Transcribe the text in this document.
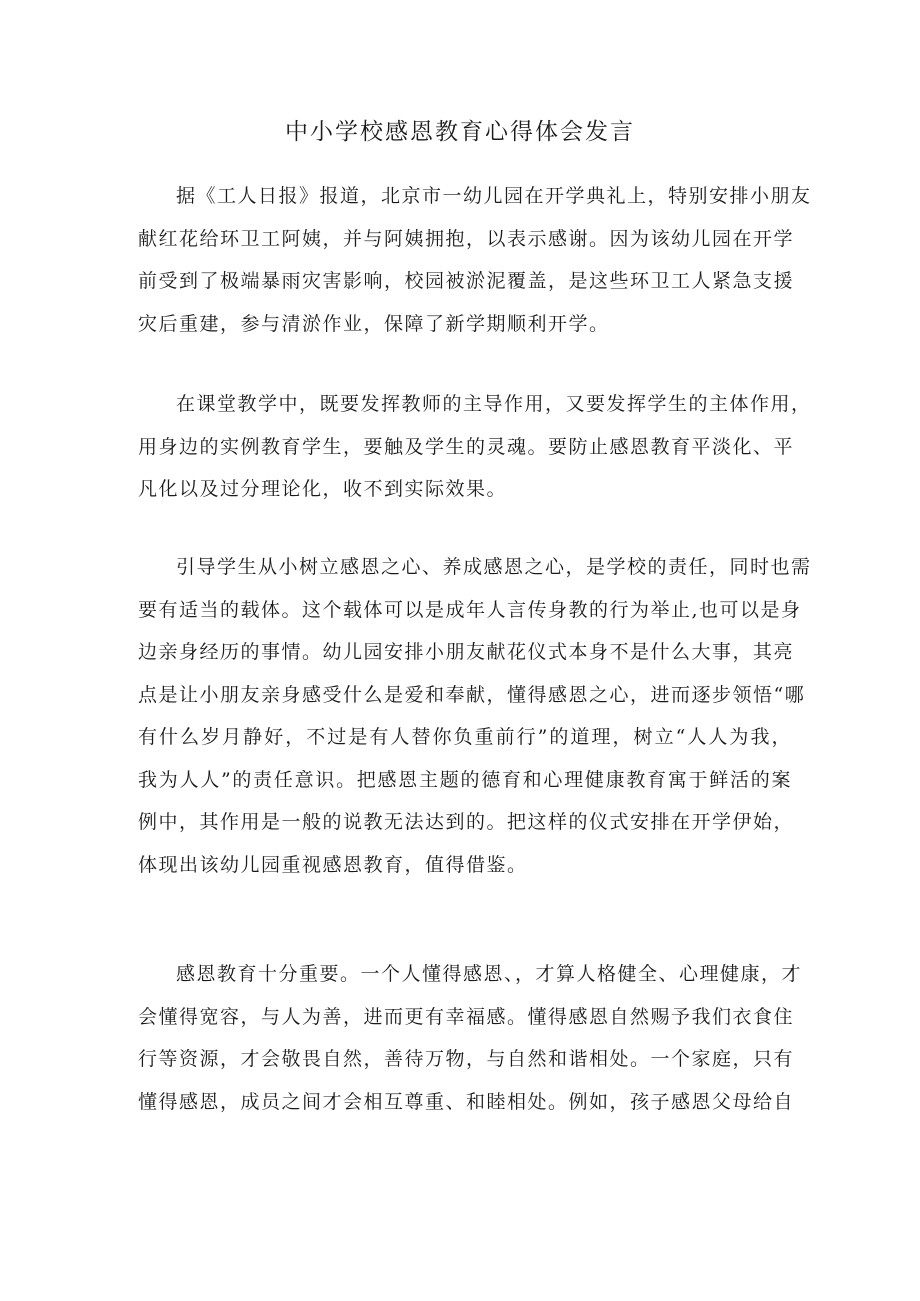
中小学校感恩教育心得体会发言
据《工人日报》报道，北京市一幼儿园在开学典礼上，特别安排小朋友
献红花给环卫工阿姨，并与阿姨拥抱，以表示感谢。因为该幼儿园在开学
前受到了极端暴雨灾害影响，校园被淤泥覆盖，是这些环卫工人紧急支援
灾后重建，参与清淤作业，保障了新学期顺利开学。
在课堂教学中，既要发挥教师的主导作用，又要发挥学生的主体作用，
用身边的实例教育学生，要触及学生的灵魂。要防止感恩教育平淡化、平
凡化以及过分理论化，收不到实际效果。
引导学生从小树立感恩之心、养成感恩之心，是学校的责任，同时也需
要有适当的载体。这个载体可以是成年人言传身教的行为举止,也可以是身
边亲身经历的事情。幼儿园安排小朋友献花仪式本身不是什么大事，其亮
点是让小朋友亲身感受什么是爱和奉献，懂得感恩之心，进而逐步领悟“哪
有什么岁月静好，不过是有人替你负重前行”的道理，树立“人人为我，
我为人人”的责任意识。把感恩主题的德育和心理健康教育寓于鲜活的案
例中，其作用是一般的说教无法达到的。把这样的仪式安排在开学伊始，
体现出该幼儿园重视感恩教育，值得借鉴。
感恩教育十分重要。一个人懂得感恩、，才算人格健全、心理健康，才
会懂得宽容，与人为善，进而更有幸福感。懂得感恩自然赐予我们衣食住
行等资源，才会敬畏自然，善待万物，与自然和谐相处。一个家庭，只有
懂得感恩，成员之间才会相互尊重、和睦相处。例如，孩子感恩父母给自
